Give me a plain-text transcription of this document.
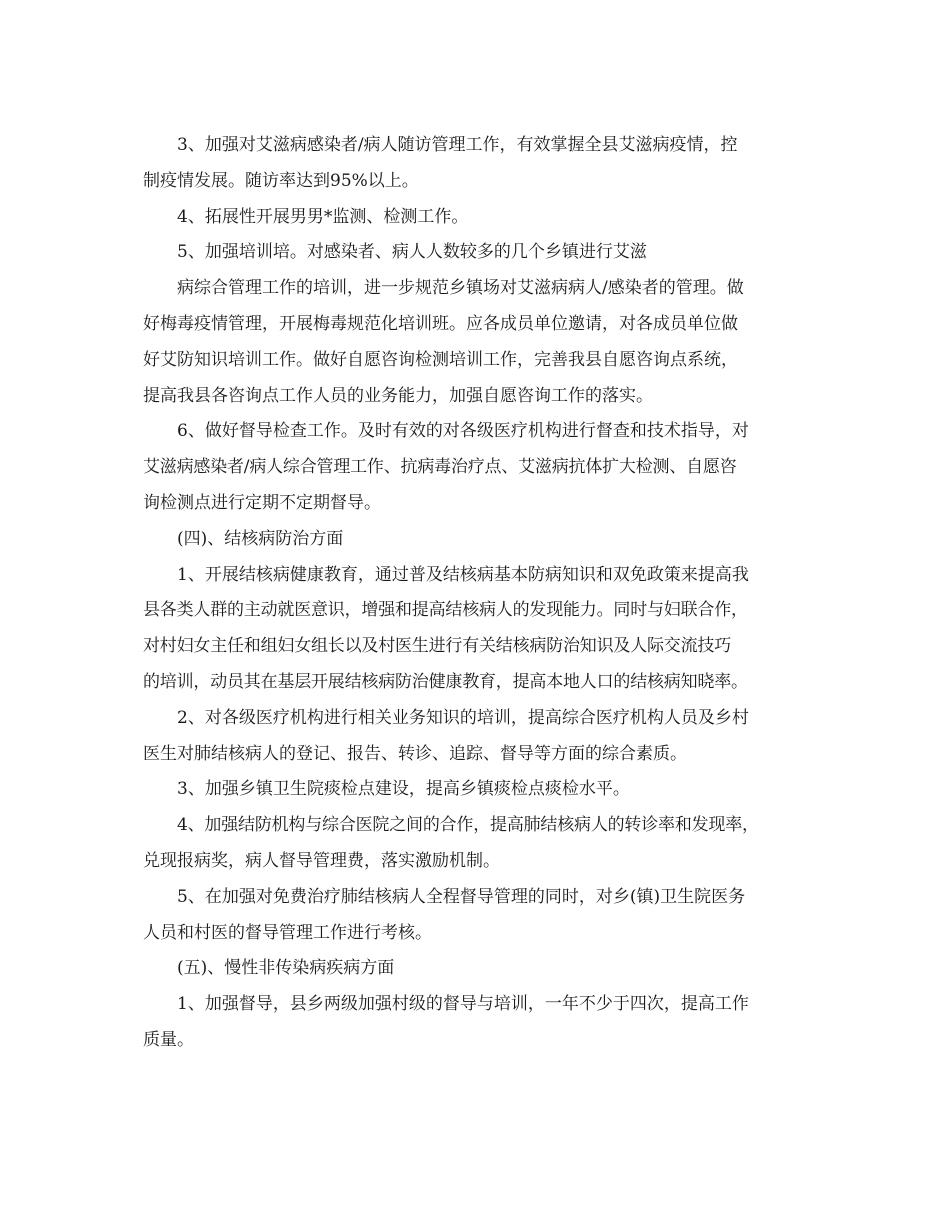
3、加强对艾滋病感染者/病人随访管理工作，有效掌握全县艾滋病疫情，控
制疫情发展。随访率达到95%以上。

4、拓展性开展男男*监测、检测工作。

5、加强培训培。对感染者、病人人数较多的几个乡镇进行艾滋

病综合管理工作的培训，进一步规范乡镇场对艾滋病病人/感染者的管理。做
好梅毒疫情管理，开展梅毒规范化培训班。应各成员单位邀请，对各成员单位做
好艾防知识培训工作。做好自愿咨询检测培训工作，完善我县自愿咨询点系统，
提高我县各咨询点工作人员的业务能力，加强自愿咨询工作的落实。

6、做好督导检查工作。及时有效的对各级医疗机构进行督查和技术指导，对
艾滋病感染者/病人综合管理工作、抗病毒治疗点、艾滋病抗体扩大检测、自愿咨
询检测点进行定期不定期督导。

(四)、结核病防治方面

1、开展结核病健康教育，通过普及结核病基本防病知识和双免政策来提高我
县各类人群的主动就医意识，增强和提高结核病人的发现能力。同时与妇联合作，
对村妇女主任和组妇女组长以及村医生进行有关结核病防治知识及人际交流技巧
的培训，动员其在基层开展结核病防治健康教育，提高本地人口的结核病知晓率。

2、对各级医疗机构进行相关业务知识的培训，提高综合医疗机构人员及乡村
医生对肺结核病人的登记、报告、转诊、追踪、督导等方面的综合素质。

3、加强乡镇卫生院痰检点建设，提高乡镇痰检点痰检水平。

4、加强结防机构与综合医院之间的合作，提高肺结核病人的转诊率和发现率，
兑现报病奖，病人督导管理费，落实激励机制。

5、在加强对免费治疗肺结核病人全程督导管理的同时，对乡(镇)卫生院医务
人员和村医的督导管理工作进行考核。

(五)、慢性非传染病疾病方面

1、加强督导，县乡两级加强村级的督导与培训，一年不少于四次，提高工作
质量。
